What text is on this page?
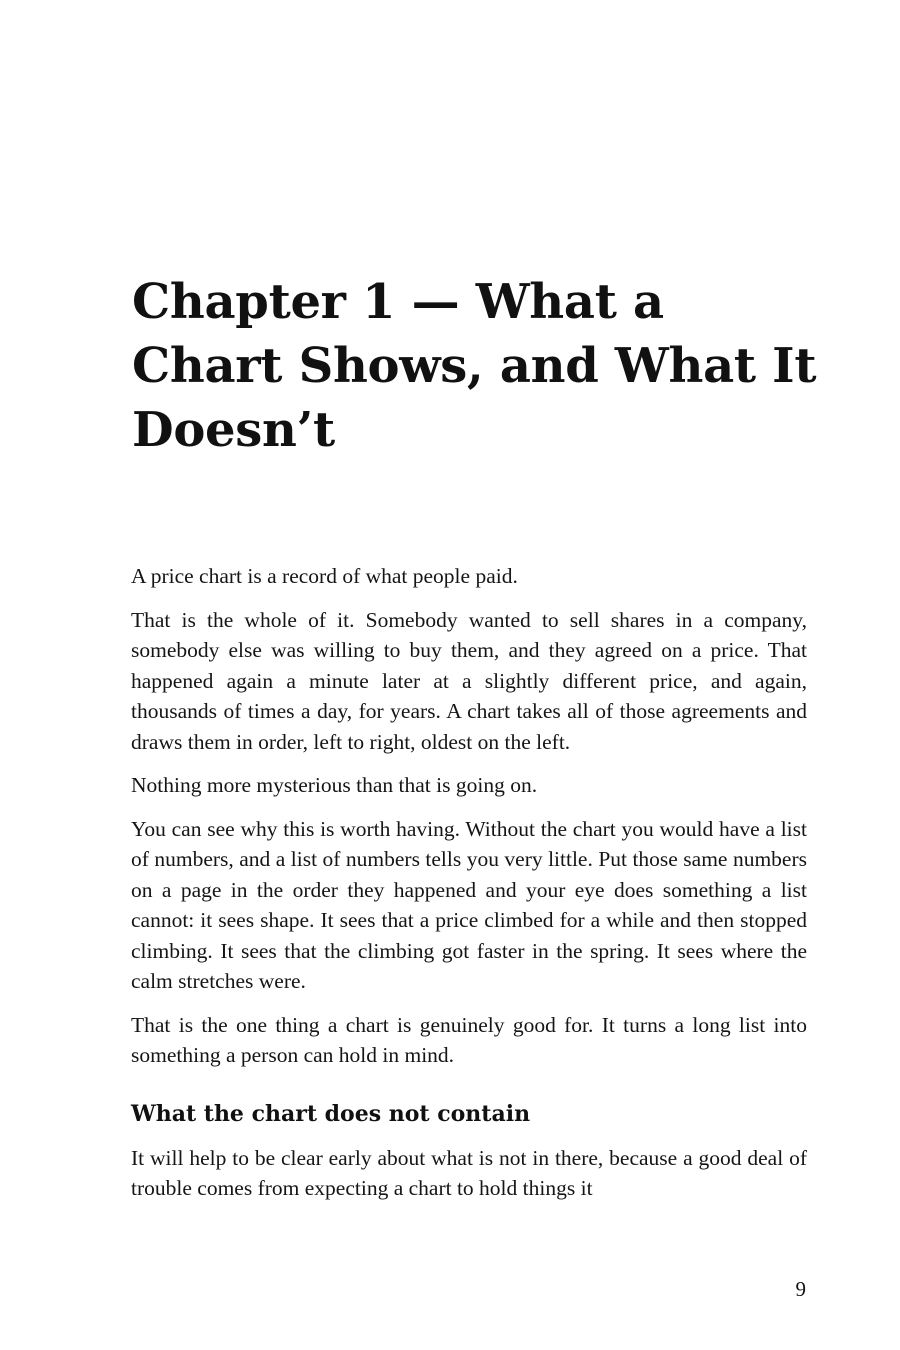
Chapter 1 — What a Chart Shows, and What It Doesn’t

A price chart is a record of what people paid.

That is the whole of it. Somebody wanted to sell shares in a company, somebody else was willing to buy them, and they agreed on a price. That happened again a minute later at a slightly different price, and again, thousands of times a day, for years. A chart takes all of those agreements and draws them in order, left to right, oldest on the left.

Nothing more mysterious than that is going on.

You can see why this is worth having. Without the chart you would have a list of numbers, and a list of numbers tells you very little. Put those same numbers on a page in the order they happened and your eye does something a list cannot: it sees shape. It sees that a price climbed for a while and then stopped climbing. It sees that the climbing got faster in the spring. It sees where the calm stretches were.

That is the one thing a chart is genuinely good for. It turns a long list into something a person can hold in mind.

What the chart does not contain

It will help to be clear early about what is not in there, because a good deal of trouble comes from expecting a chart to hold things it

9
